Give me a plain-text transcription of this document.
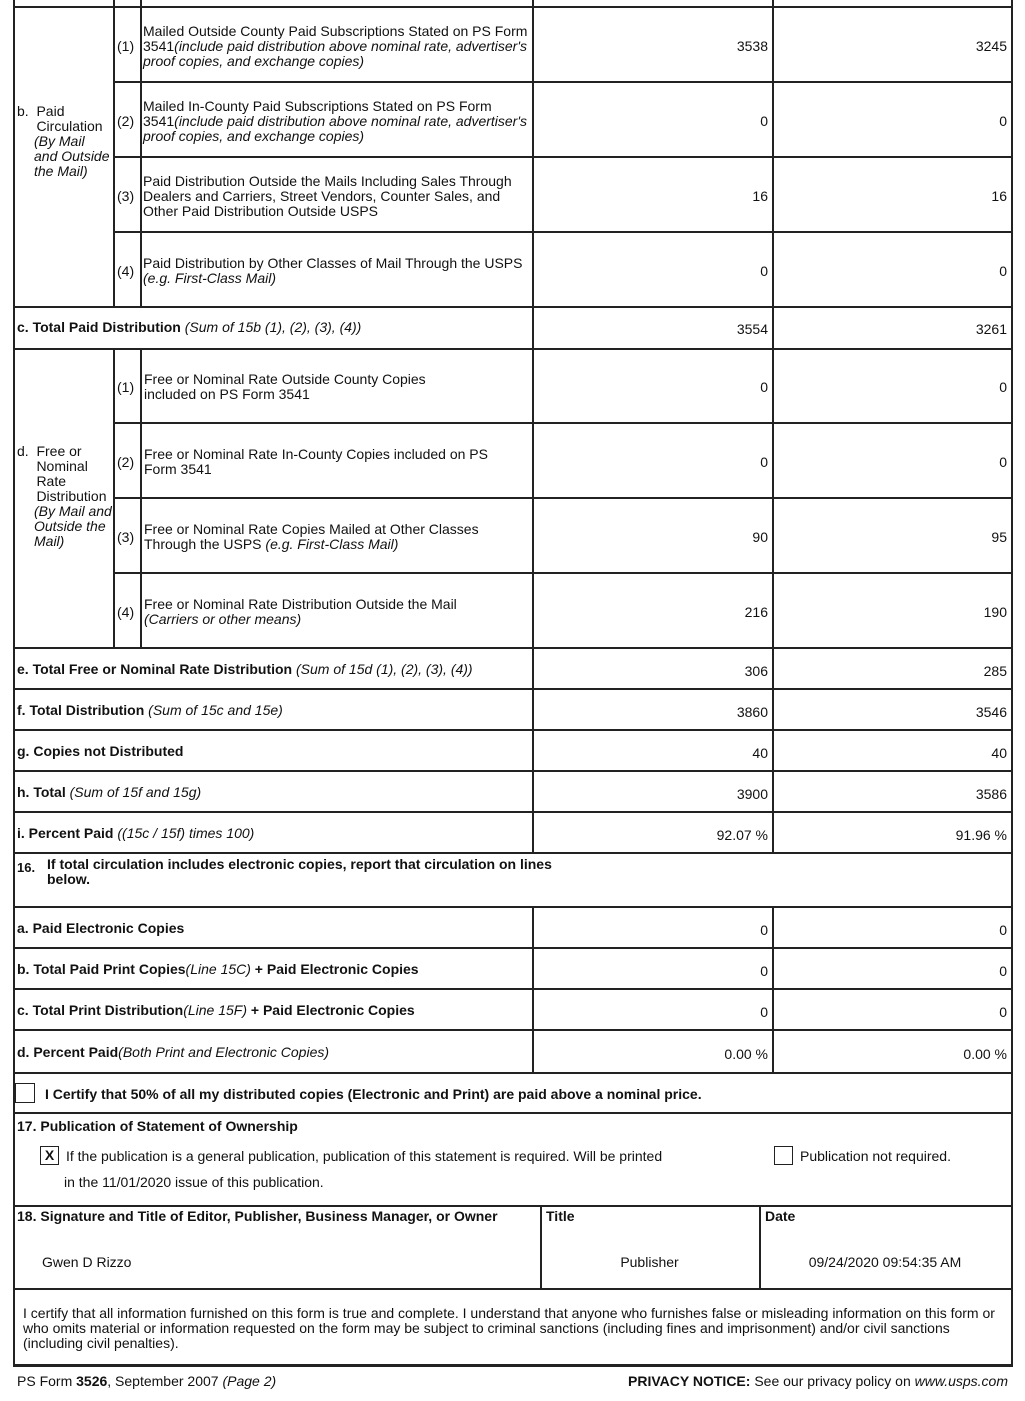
b.  Paid
Circulation

(By Mail and Outside the Mail)
(1)
Mailed Outside County Paid Subscriptions Stated on PS Form 3541(include paid distribution above nominal rate, advertiser's proof copies, and exchange copies)
3538	3245
(2)
Mailed In-County Paid Subscriptions Stated on PS Form 3541(include paid distribution above nominal rate, advertiser's proof copies, and exchange copies)
0	0
(3)
Paid Distribution Outside the Mails Including Sales Through Dealers and Carriers, Street Vendors, Counter Sales, and Other Paid Distribution Outside USPS
16	16
(4) Paid Distribution by Other Classes of Mail Through the USPS (e.g. First-Class Mail)	0	0
c. Total Paid Distribution (Sum of 15b (1), (2), (3), (4))	3554	3261
d.  Free or
Nominal
Rate
Distribution
(By Mail and Outside the Mail)
(1) Free or Nominal Rate Outside County Copies included on PS Form 3541	0	0
(2) Free or Nominal Rate In-County Copies included on PS Form 3541	0	0
(3) Free or Nominal Rate Copies Mailed at Other Classes Through the USPS (e.g. First-Class Mail)	90	95
(4) Free or Nominal Rate Distribution Outside the Mail
(Carriers or other means)	216	190
e. Total Free or Nominal Rate Distribution (Sum of 15d (1), (2), (3), (4))	306	285
f. Total Distribution (Sum of 15c and 15e)	3860	3546
g. Copies not Distributed	40	40
h. Total (Sum of 15f and 15g)	3900	3586
i. Percent Paid ((15c / 15f) times 100)	92.07 %	91.96 %
16. If total circulation includes electronic copies, report that circulation on lines below.
a. Paid Electronic Copies	0	0
b. Total Paid Print Copies(Line 15C) + Paid Electronic Copies	0	0
c. Total Print Distribution(Line 15F) + Paid Electronic Copies	0	0
d. Percent Paid(Both Print and Electronic Copies)	0.00 %	0.00 %
I Certify that 50% of all my distributed copies (Electronic and Print) are paid above a nominal price.
17. Publication of Statement of Ownership
X If the publication is a general publication, publication of this statement is required. Will be printed
in the 11/01/2020 issue of this publication.
Publication not required.
18. Signature and Title of Editor, Publisher, Business Manager, or Owner	Title	Date
Gwen D Rizzo	Publisher	09/24/2020 09:54:35 AM
I certify that all information furnished on this form is true and complete. I understand that anyone who furnishes false or misleading information on this form or who omits material or information requested on the form may be subject to criminal sanctions (including fines and imprisonment) and/or civil sanctions (including civil penalties).
PS Form 3526, September 2007 (Page 2)	PRIVACY NOTICE: See our privacy policy on www.usps.com
